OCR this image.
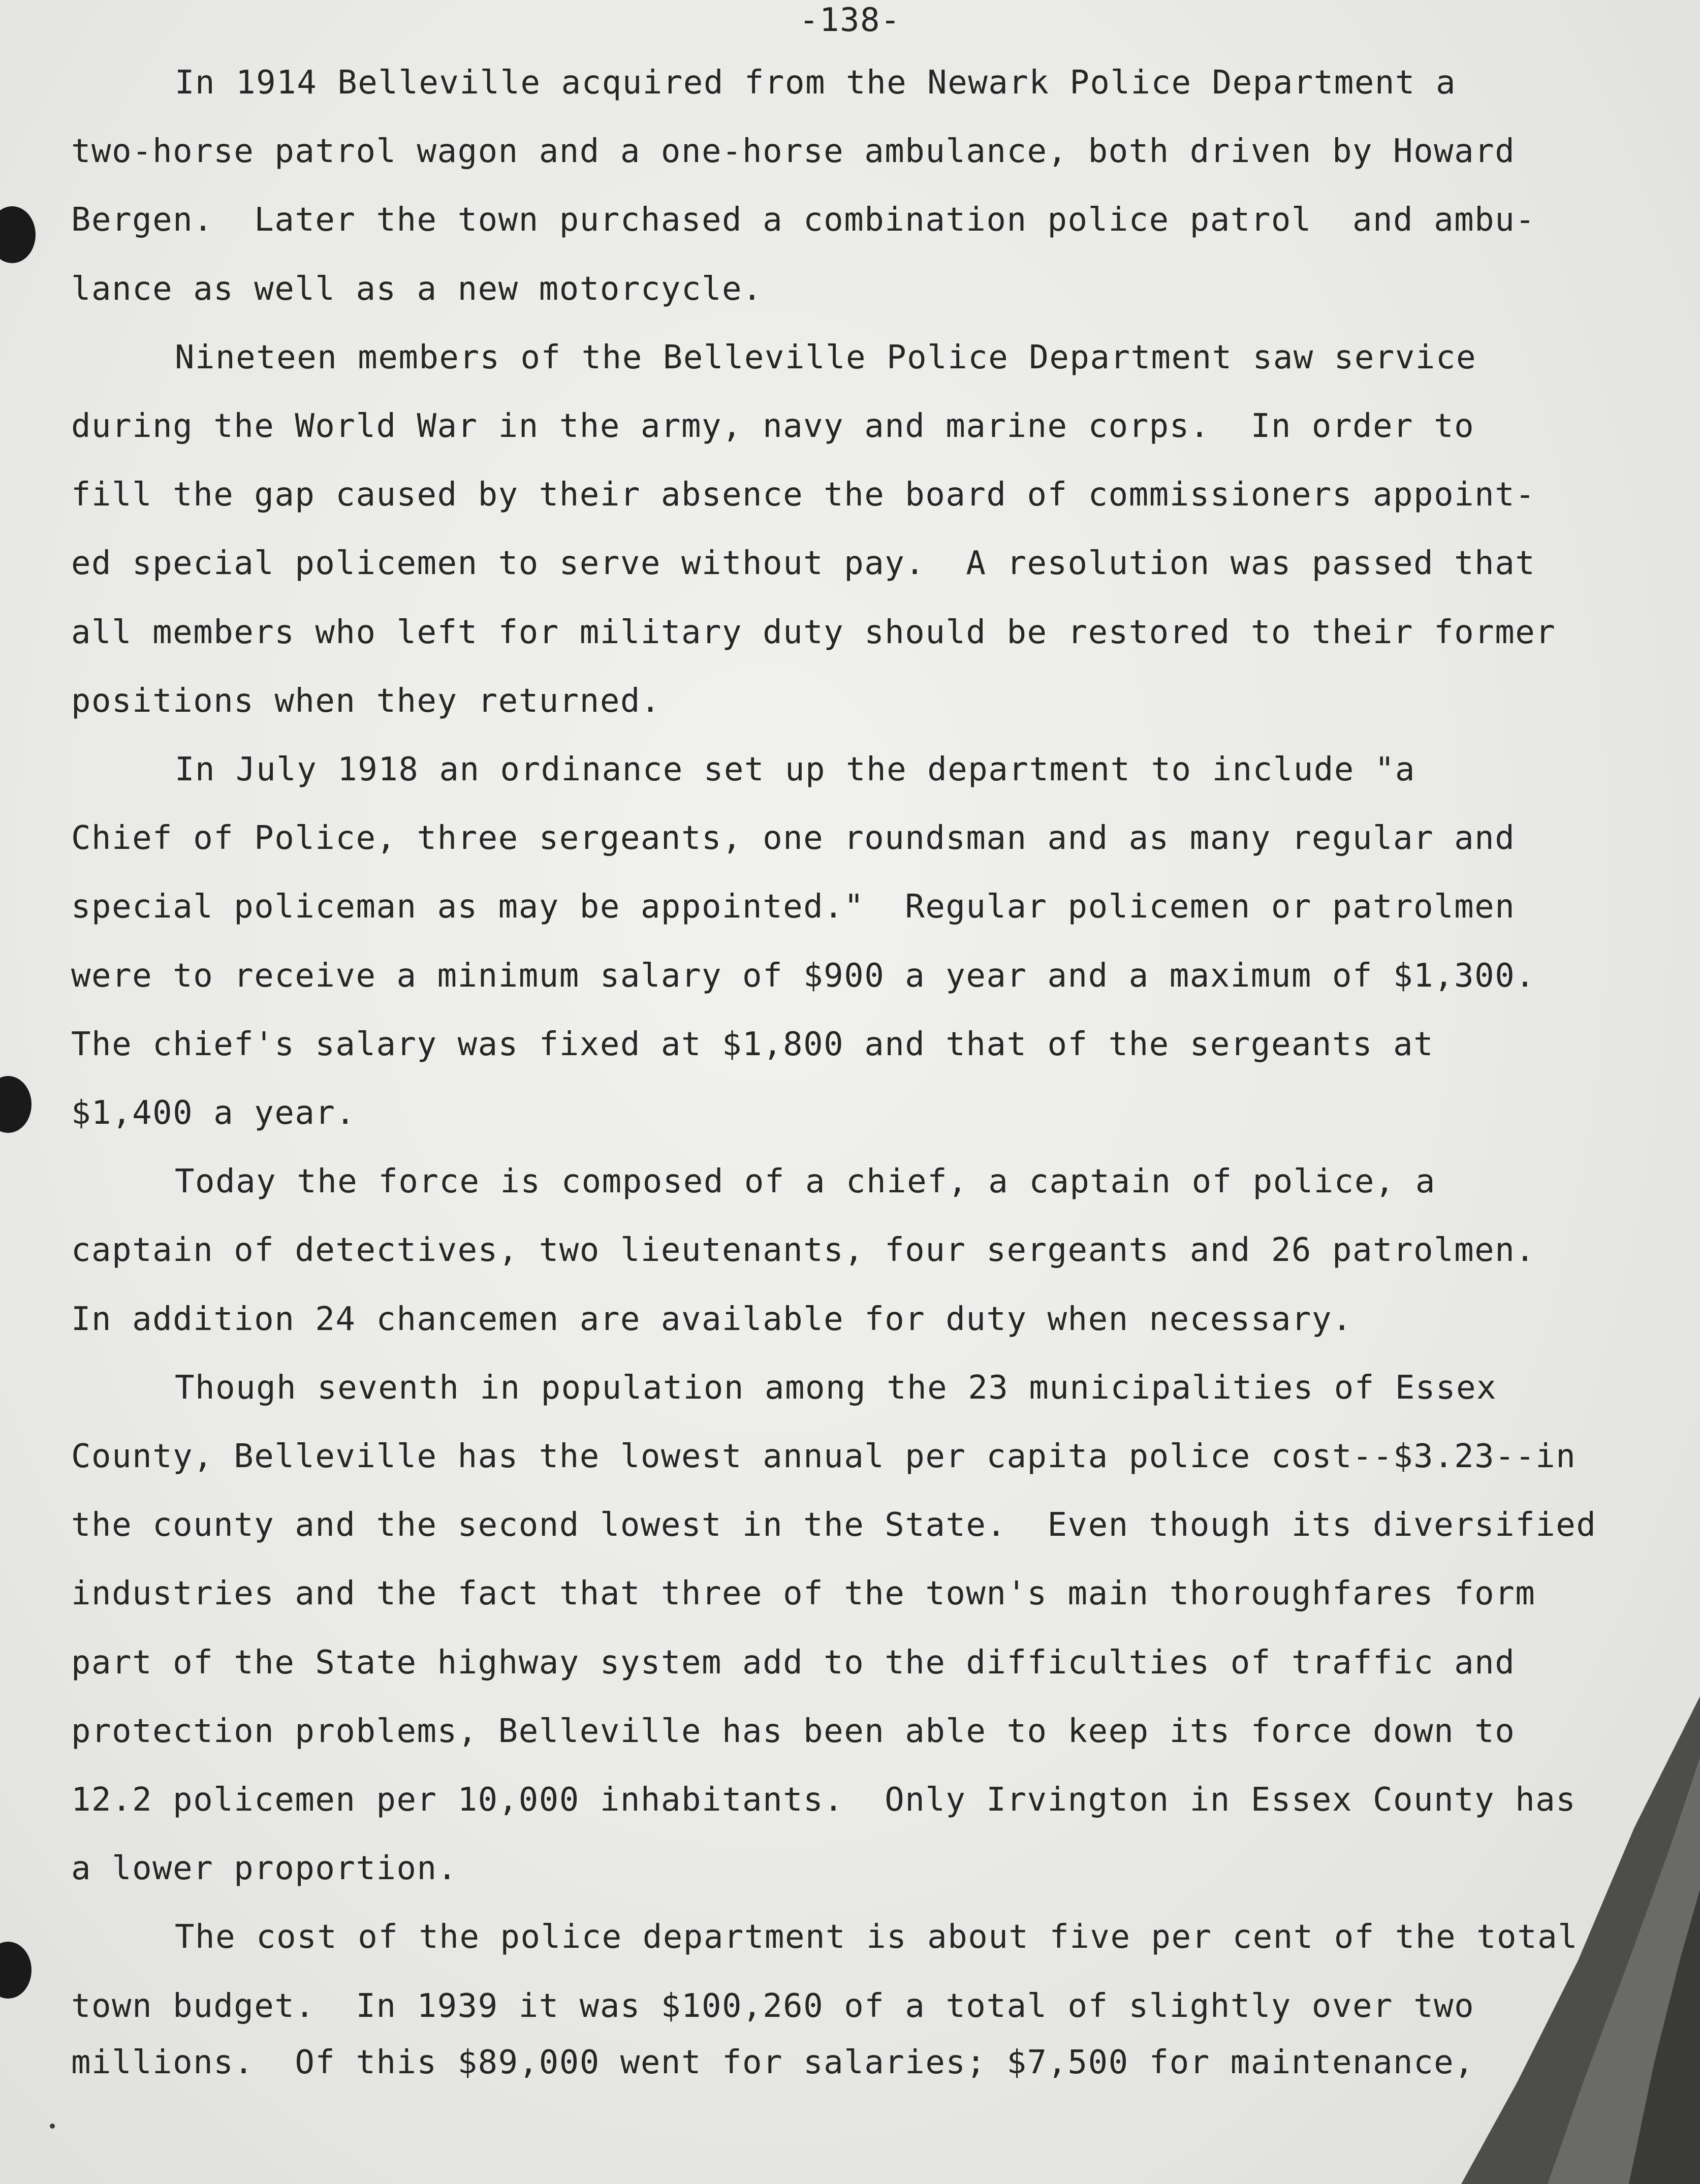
-138-

In 1914 Belleville acquired from the Newark Police Department a
two-horse patrol wagon and a one-horse ambulance, both driven by Howard
Bergen.  Later the town purchased a combination police patrol  and ambu-
lance as well as a new motorcycle.

Nineteen members of the Belleville Police Department saw service
during the World War in the army, navy and marine corps.  In order to
fill the gap caused by their absence the board of commissioners appoint-
ed special policemen to serve without pay.  A resolution was passed that
all members who left for military duty should be restored to their former
positions when they returned.

In July 1918 an ordinance set up the department to include "a
Chief of Police, three sergeants, one roundsman and as many regular and
special policeman as may be appointed."  Regular policemen or patrolmen
were to receive a minimum salary of $900 a year and a maximum of $1,300.
The chief's salary was fixed at $1,800 and that of the sergeants at
$1,400 a year.

Today the force is composed of a chief, a captain of police, a
captain of detectives, two lieutenants, four sergeants and 26 patrolmen.
In addition 24 chancemen are available for duty when necessary.

Though seventh in population among the 23 municipalities of Essex
County, Belleville has the lowest annual per capita police cost--$3.23--in
the county and the second lowest in the State.  Even though its diversified
industries and the fact that three of the town's main thoroughfares form
part of the State highway system add to the difficulties of traffic and
protection problems, Belleville has been able to keep its force down to
12.2 policemen per 10,000 inhabitants.  Only Irvington in Essex County has
a lower proportion.

The cost of the police department is about five per cent of the total
town budget.  In 1939 it was $100,260 of a total of slightly over two
millions.  Of this $89,000 went for salaries; $7,500 for maintenance,
